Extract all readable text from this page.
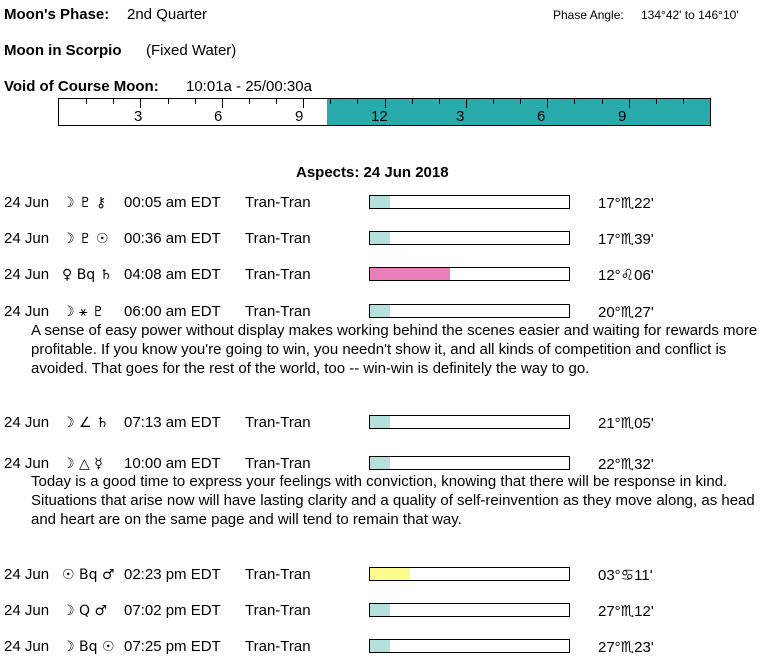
Moon's Phase: 2nd Quarter	Phase Angle: 134°42' to 146°10'
Moon in Scorpio (Fixed Water)
Void of Course Moon: 10:01a - 25/00:30a
3	6	9	12	3	6	9
Aspects: 24 Jun 2018
24 Jun ☽ ♇ ⚷ 00:05 am EDT Tran-Tran	17°♏22'
24 Jun ☽ ♇ ☉ 00:36 am EDT Tran-Tran	17°♏39'
24 Jun ♀ Bq ♄ 04:08 am EDT Tran-Tran	12°♌06'
24 Jun ☽ ⚹ ♇ 06:00 am EDT Tran-Tran	20°♏27'
A sense of easy power without display makes working behind the scenes easier and waiting for rewards more profitable. If you know you're going to win, you needn't show it, and all kinds of competition and conflict is avoided. That goes for the rest of the world, too -- win-win is definitely the way to go.
24 Jun ☽ ∠ ♄ 07:13 am EDT Tran-Tran	21°♏05'
24 Jun ☽ △ ☿ 10:00 am EDT Tran-Tran	22°♏32'
Today is a good time to express your feelings with conviction, knowing that there will be response in kind. Situations that arise now will have lasting clarity and a quality of self-reinvention as they move along, as head and heart are on the same page and will tend to remain that way.
24 Jun ☉ Bq ♂ 02:23 pm EDT Tran-Tran	03°♋11'
24 Jun ☽ Q ♂ 07:02 pm EDT Tran-Tran	27°♏12'
24 Jun ☽ Bq ☉ 07:25 pm EDT Tran-Tran	27°♏23'
